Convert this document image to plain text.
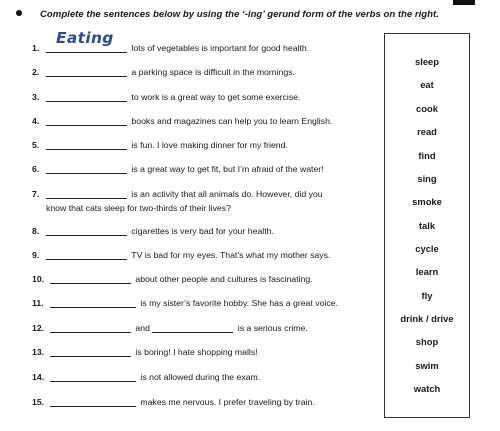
Complete the sentences below by using the ‘-ing’ gerund form of the verbs on the right.
1.
Eating
lots of vegetables is important for good health.
2.	a parking space is difficult in the mornings.
3.	to work is a great way to get some exercise.
4.	books and magazines can help you to learn English.
5.	is fun. I love making dinner for my friend.
6.	is a great way to get fit, but I’m afraid of the water!
7.	is an activity that all animals do. However, did you
know that cats sleep for two-thirds of their lives?
8.	cigarettes is very bad for your health.
9.	TV is bad for my eyes. That’s what my mother says.
10.	about other people and cultures is fascinating.
11.	is my sister’s favorite hobby. She has a great voice.
12.	and	is a serious crime.
13.	is boring! I hate shopping malls!
14.	is not allowed during the exam.
15.	makes me nervous. I prefer traveling by train.
sleep
eat
cook
read
find
sing
smoke
talk
cycle
learn
fly
drink / drive
shop
swim
watch
